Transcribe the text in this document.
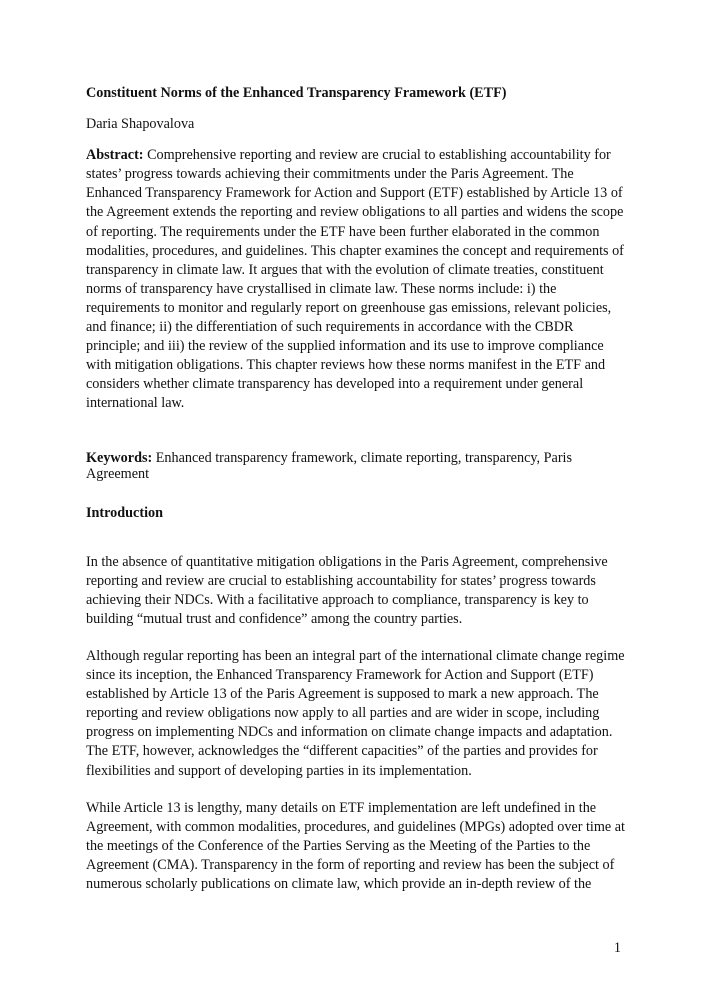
Constituent Norms of the Enhanced Transparency Framework (ETF)

Daria Shapovalova

Abstract: Comprehensive reporting and review are crucial to establishing accountability for states’ progress towards achieving their commitments under the Paris Agreement. The Enhanced Transparency Framework for Action and Support (ETF) established by Article 13 of the Agreement extends the reporting and review obligations to all parties and widens the scope of reporting. The requirements under the ETF have been further elaborated in the common modalities, procedures, and guidelines. This chapter examines the concept and requirements of transparency in climate law. It argues that with the evolution of climate treaties, constituent norms of transparency have crystallised in climate law. These norms include: i) the requirements to monitor and regularly report on greenhouse gas emissions, relevant policies, and finance; ii) the differentiation of such requirements in accordance with the CBDR principle; and iii) the review of the supplied information and its use to improve compliance with mitigation obligations. This chapter reviews how these norms manifest in the ETF and considers whether climate transparency has developed into a requirement under general international law.

Keywords: Enhanced transparency framework, climate reporting, transparency, Paris Agreement

Introduction

In the absence of quantitative mitigation obligations in the Paris Agreement, comprehensive reporting and review are crucial to establishing accountability for states’ progress towards achieving their NDCs. With a facilitative approach to compliance, transparency is key to building “mutual trust and confidence” among the country parties.

Although regular reporting has been an integral part of the international climate change regime since its inception, the Enhanced Transparency Framework for Action and Support (ETF) established by Article 13 of the Paris Agreement is supposed to mark a new approach. The reporting and review obligations now apply to all parties and are wider in scope, including progress on implementing NDCs and information on climate change impacts and adaptation. The ETF, however, acknowledges the “different capacities” of the parties and provides for flexibilities and support of developing parties in its implementation.

While Article 13 is lengthy, many details on ETF implementation are left undefined in the Agreement, with common modalities, procedures, and guidelines (MPGs) adopted over time at the meetings of the Conference of the Parties Serving as the Meeting of the Parties to the Agreement (CMA). Transparency in the form of reporting and review has been the subject of numerous scholarly publications on climate law, which provide an in-depth review of the

1
